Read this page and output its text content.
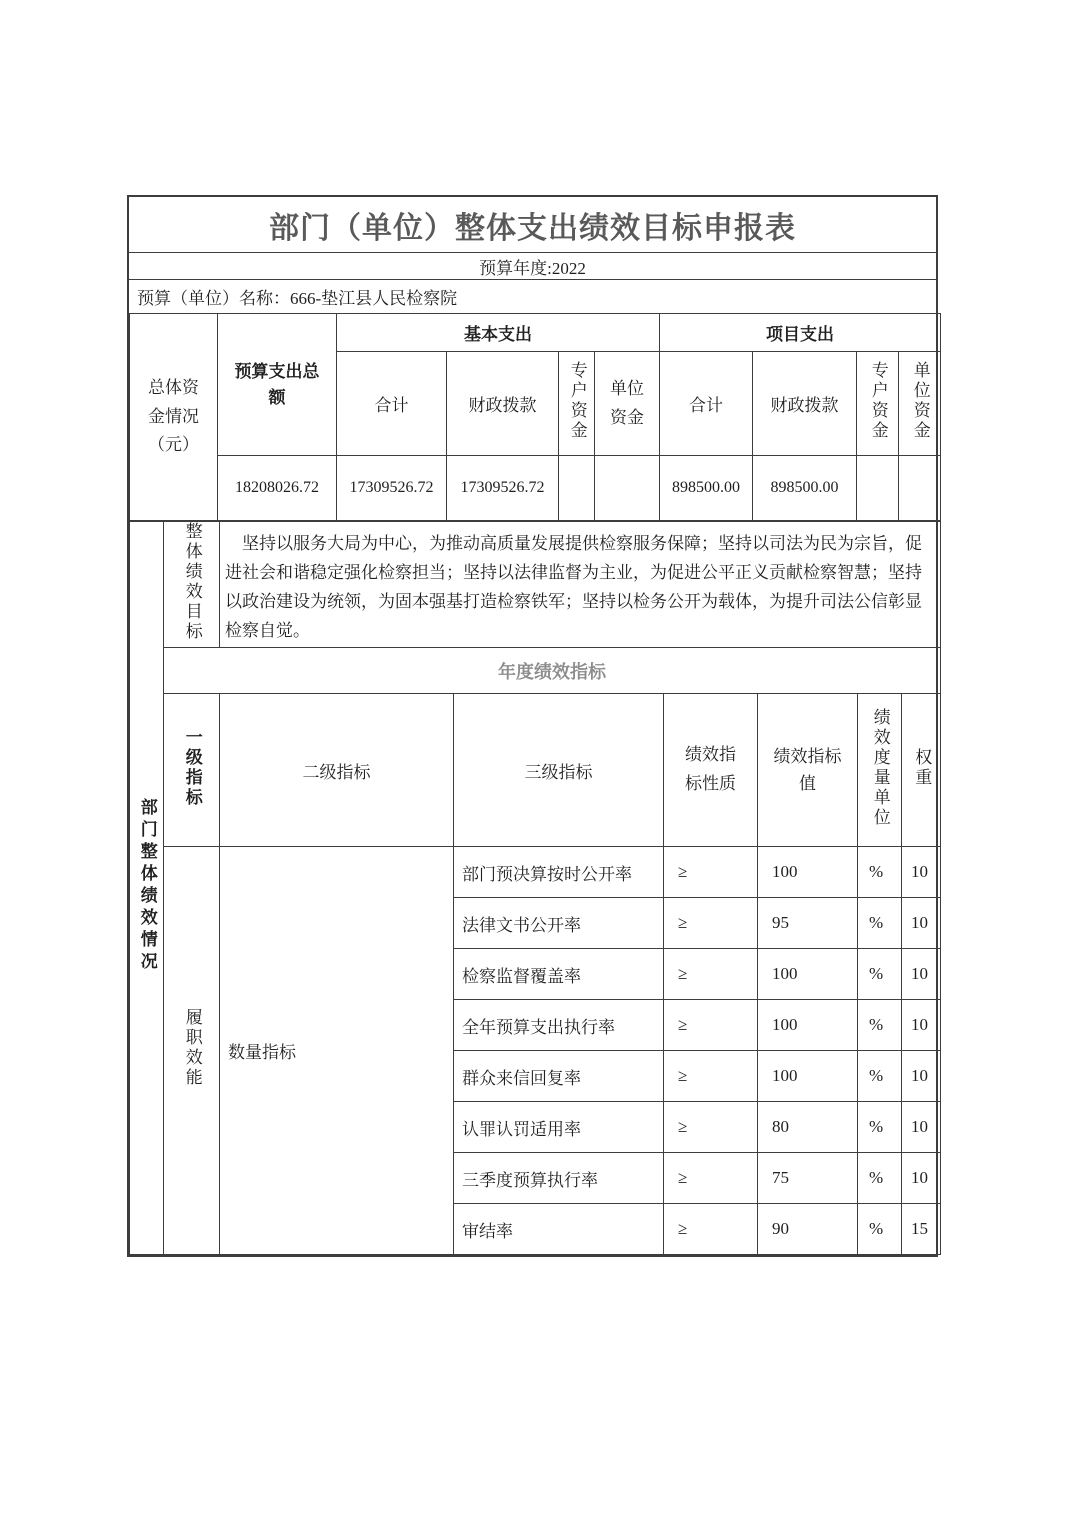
部门（单位）整体支出绩效目标申报表
预算年度:2022
预算（单位）名称：666-垫江县人民检察院
总体资金情况（元）	预算支出总额	基本支出				项目支出			
		合计	财政拨款	专户资金	单位资金	合计	财政拨款	专户资金	单位资金
	18208026.72	17309526.72	17309526.72			898500.00	898500.00		
部门整体绩效情况	整体绩效目标	坚持以服务大局为中心，为推动高质量发展提供检察服务保障；坚持以司法为民为宗旨，促进社会和谐稳定强化检察担当；坚持以法律监督为主业，为促进公平正义贡献检察智慧；坚持以政治建设为统领，为固本强基打造检察铁军；坚持以检务公开为载体，为提升司法公信彰显检察自觉。					

	年度绩效指标						
	一级指标	二级指标	三级指标	绩效指标性质	绩效指标值	绩效度量单位	权重
	履职效能	数量指标	部门预决算按时公开率	≥	100	%	10
			法律文书公开率	≥	95	%	10
			检察监督覆盖率	≥	100	%	10
			全年预算支出执行率	≥	100	%	10
			群众来信回复率	≥	100	%	10
			认罪认罚适用率	≥	80	%	10
			三季度预算执行率	≥	75	%	10
			审结率	≥	90	%	15
